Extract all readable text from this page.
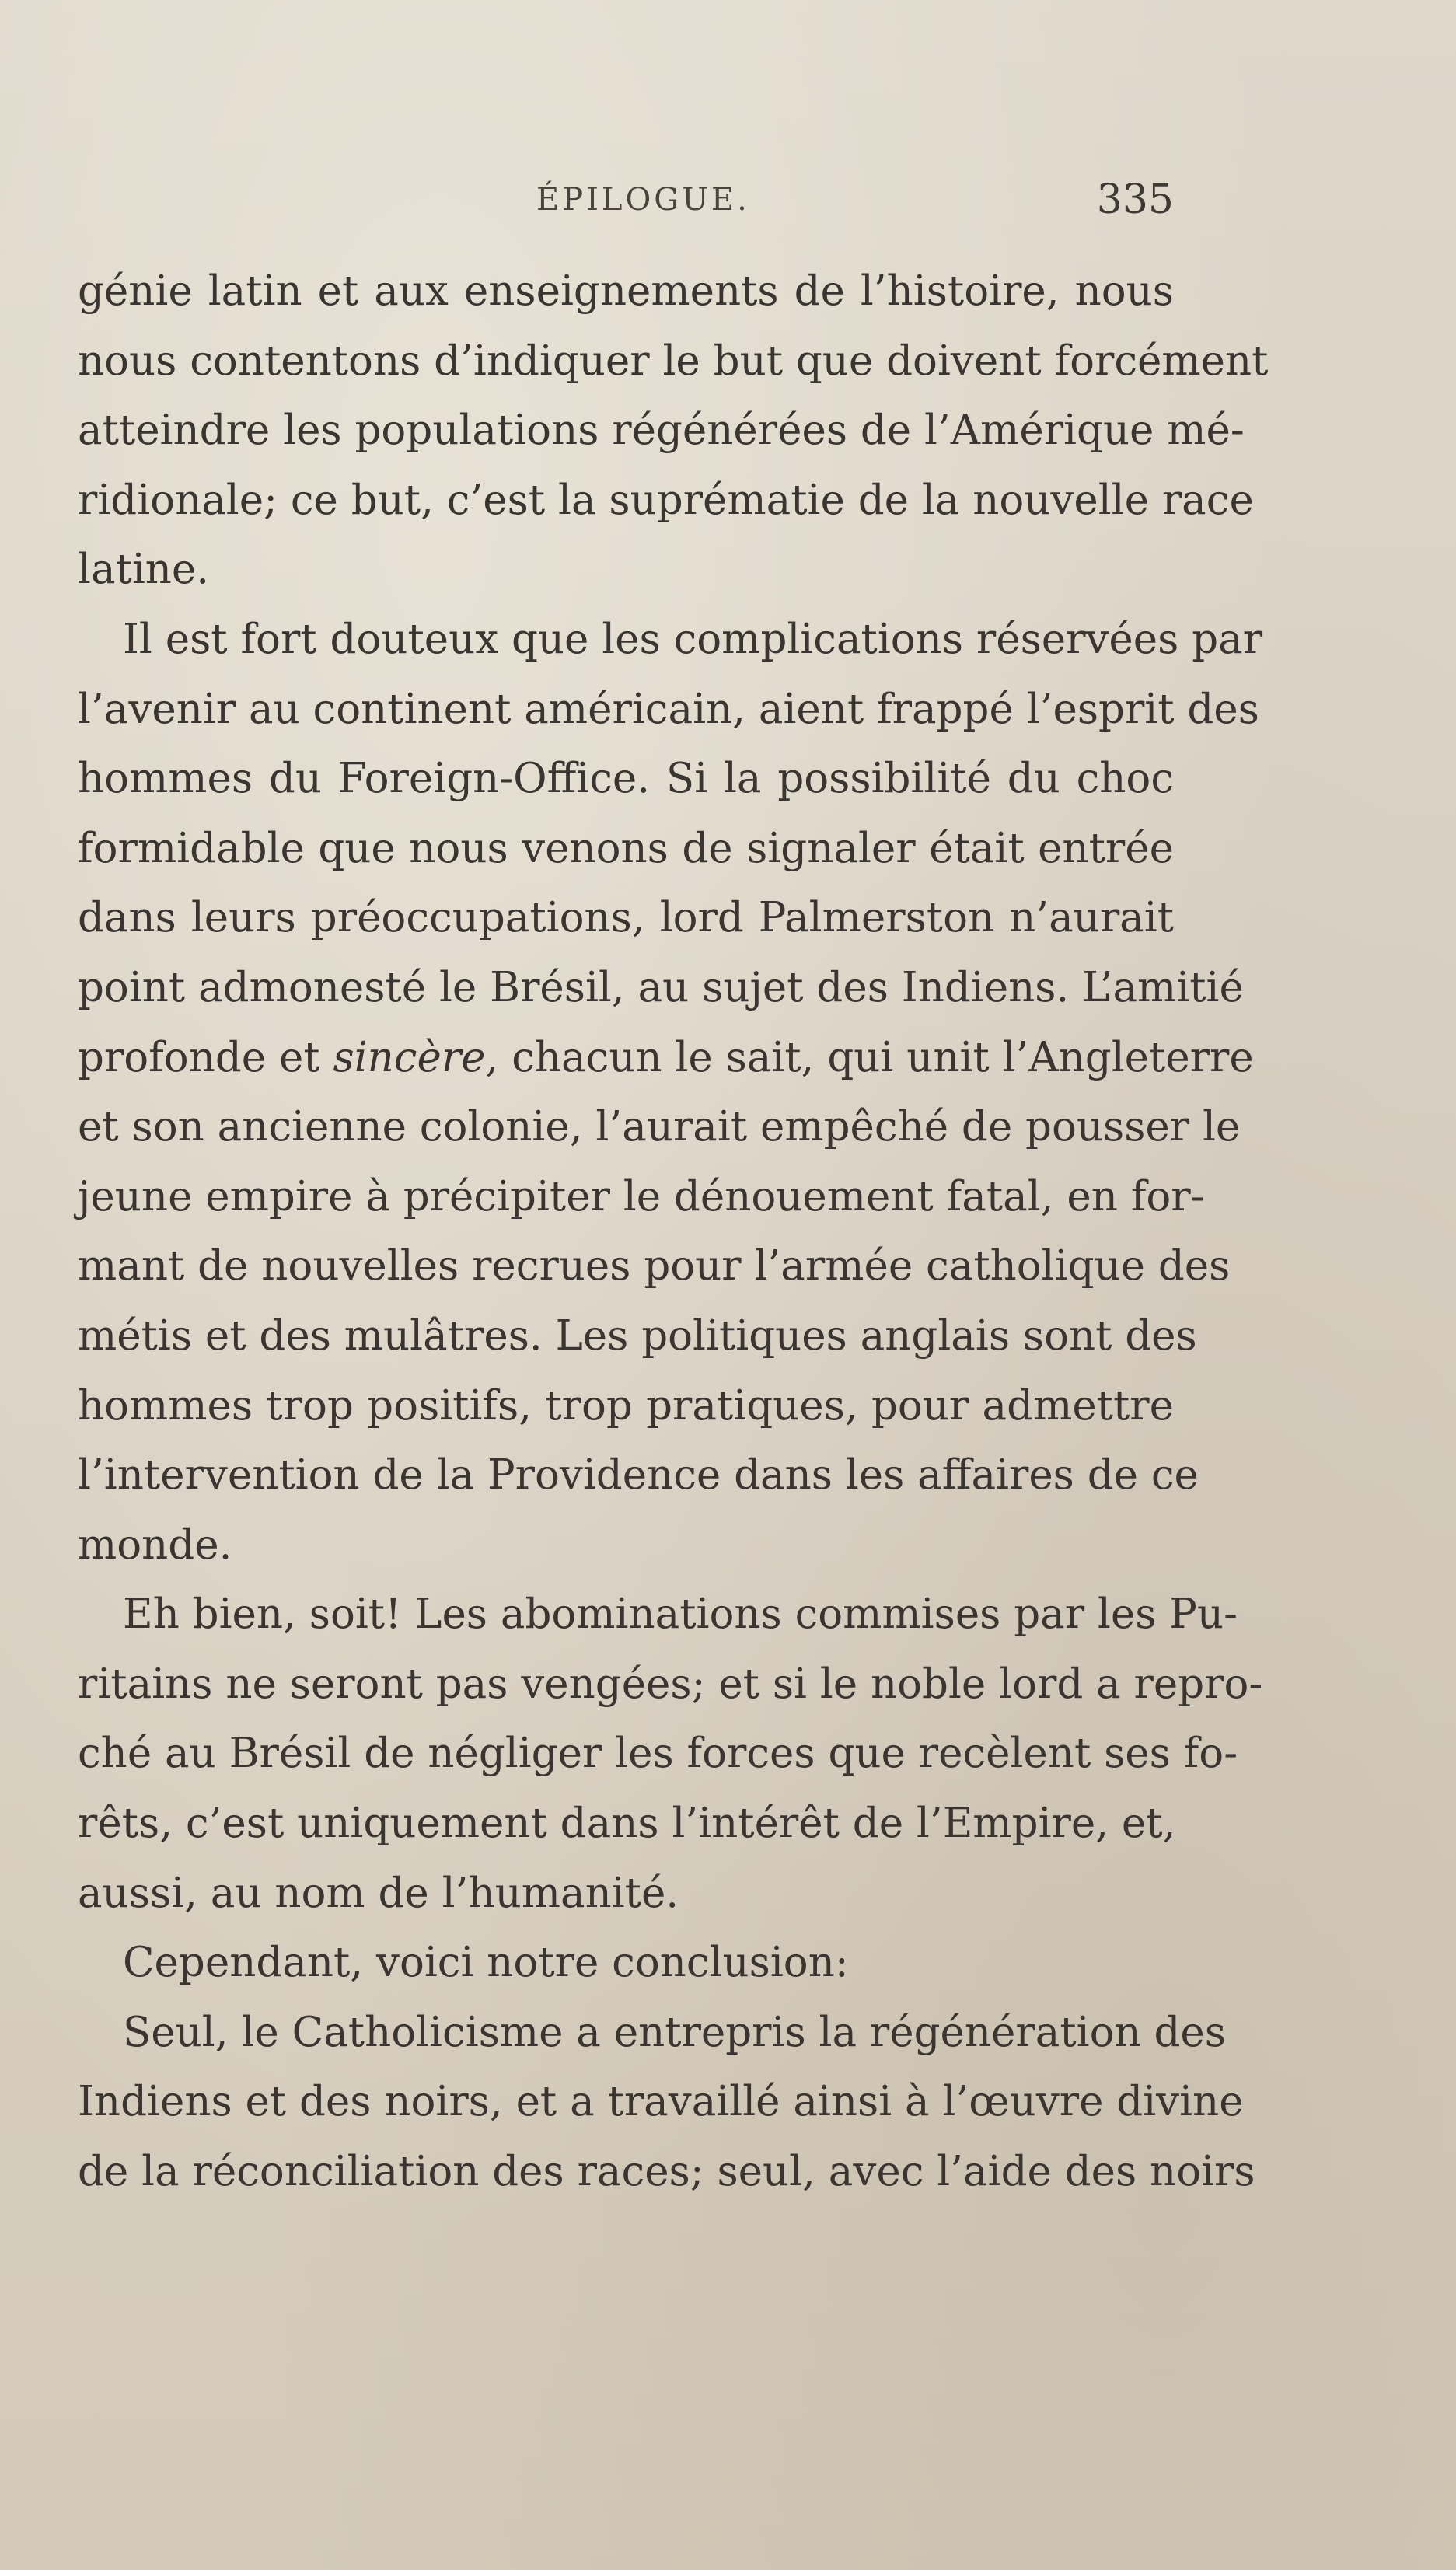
ÉPILOGUE.	335
génie latin et aux enseignements de l’histoire, nous
nous contentons d’indiquer le but que doivent forcément
atteindre les populations régénérées de l’Amérique mé-
ridionale; ce but, c’est la suprématie de la nouvelle race
latine.
Il est fort douteux que les complications réservées par
l’avenir au continent américain, aient frappé l’esprit des
hommes du Foreign-Office. Si la possibilité du choc
formidable que nous venons de signaler était entrée
dans leurs préoccupations, lord Palmerston n’aurait
point admonesté le Brésil, au sujet des Indiens. L’amitié
profonde et sincère, chacun le sait, qui unit l’Angleterre
et son ancienne colonie, l’aurait empêché de pousser le
jeune empire à précipiter le dénouement fatal, en for-
mant de nouvelles recrues pour l’armée catholique des
métis et des mulâtres. Les politiques anglais sont des
hommes trop positifs, trop pratiques, pour admettre
l’intervention de la Providence dans les affaires de ce
monde.
Eh bien, soit! Les abominations commises par les Pu-
ritains ne seront pas vengées; et si le noble lord a repro-
ché au Brésil de négliger les forces que recèlent ses fo-
rêts, c’est uniquement dans l’intérêt de l’Empire, et,
aussi, au nom de l’humanité.
Cependant, voici notre conclusion:
Seul, le Catholicisme a entrepris la régénération des
Indiens et des noirs, et a travaillé ainsi à l’œuvre divine
de la réconciliation des races; seul, avec l’aide des noirs
